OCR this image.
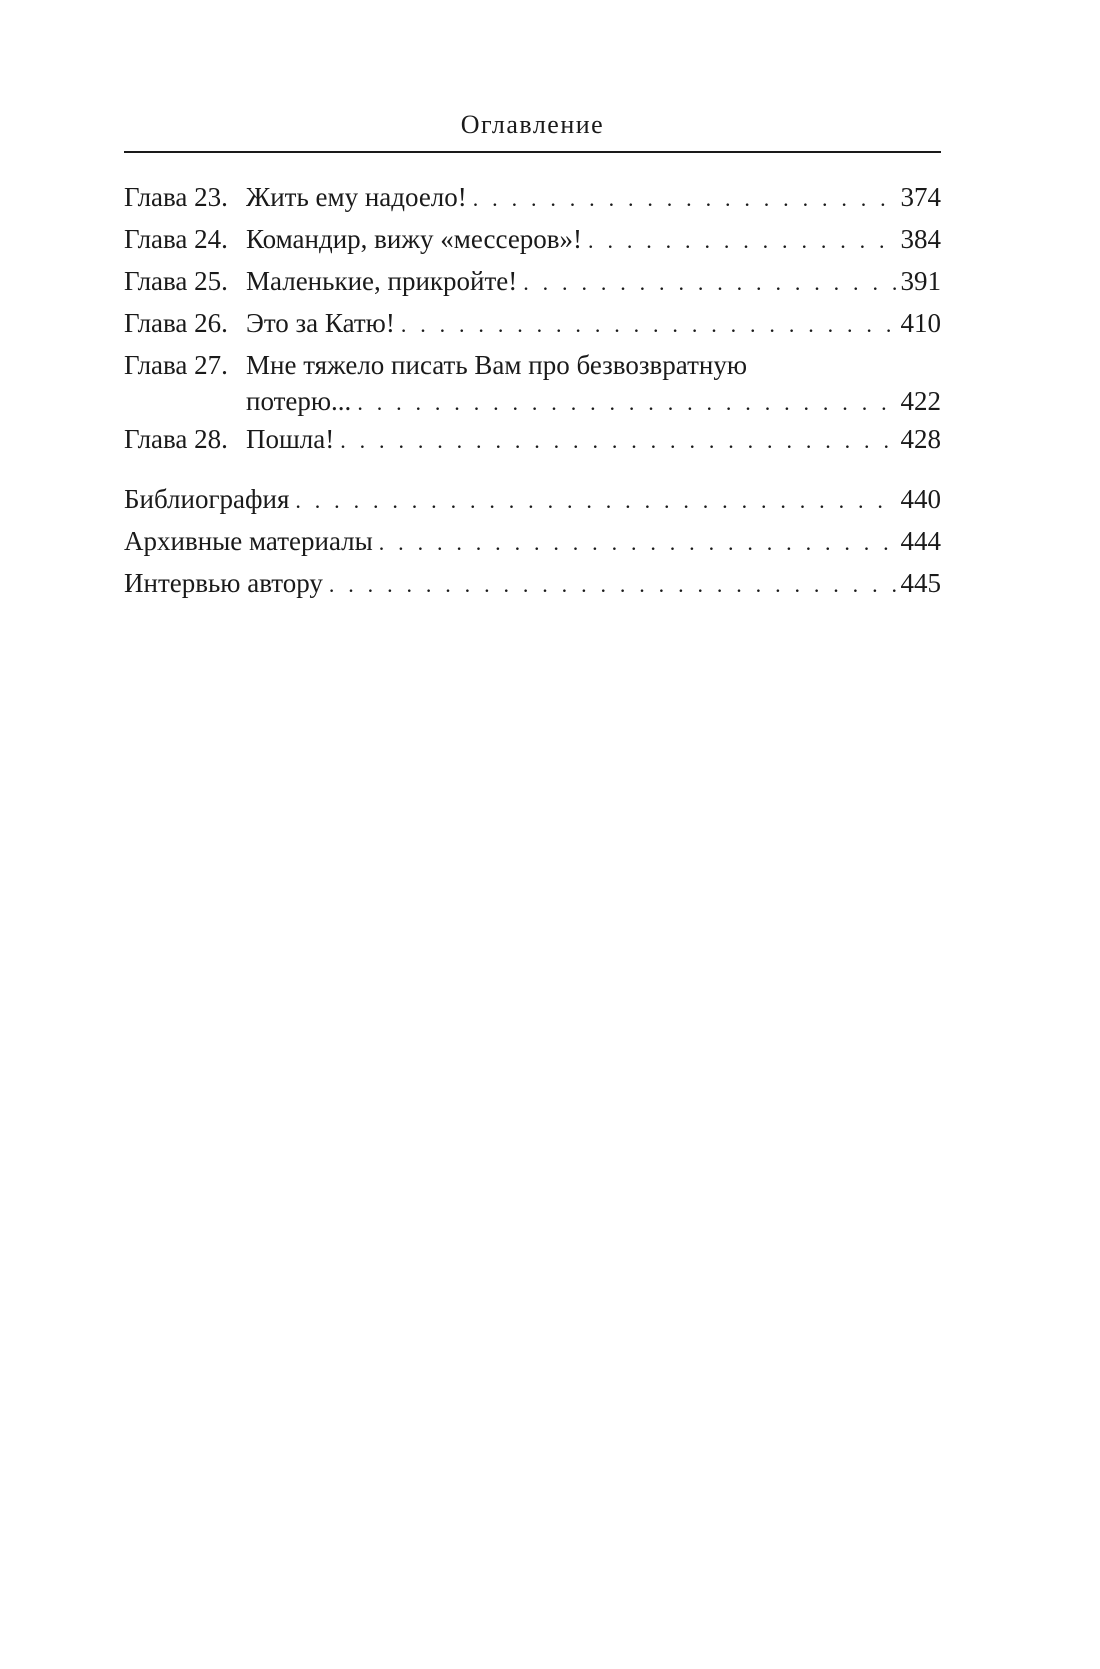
Оглавление
Глава 23. Жить ему надоело! . . .	374
Глава 24. Командир, вижу «мессеров»! . . .	384
Глава 25. Маленькие, прикройте! . . .	391
Глава 26. Это за Катю! . . .	410
Глава 27. Мне тяжело писать Вам про безвозвратную
потерю... . . .	422
Глава 28. Пошла! . . .	428
Библиография . . .	440
Архивные материалы . . .	444
Интервью автору . . .	445
